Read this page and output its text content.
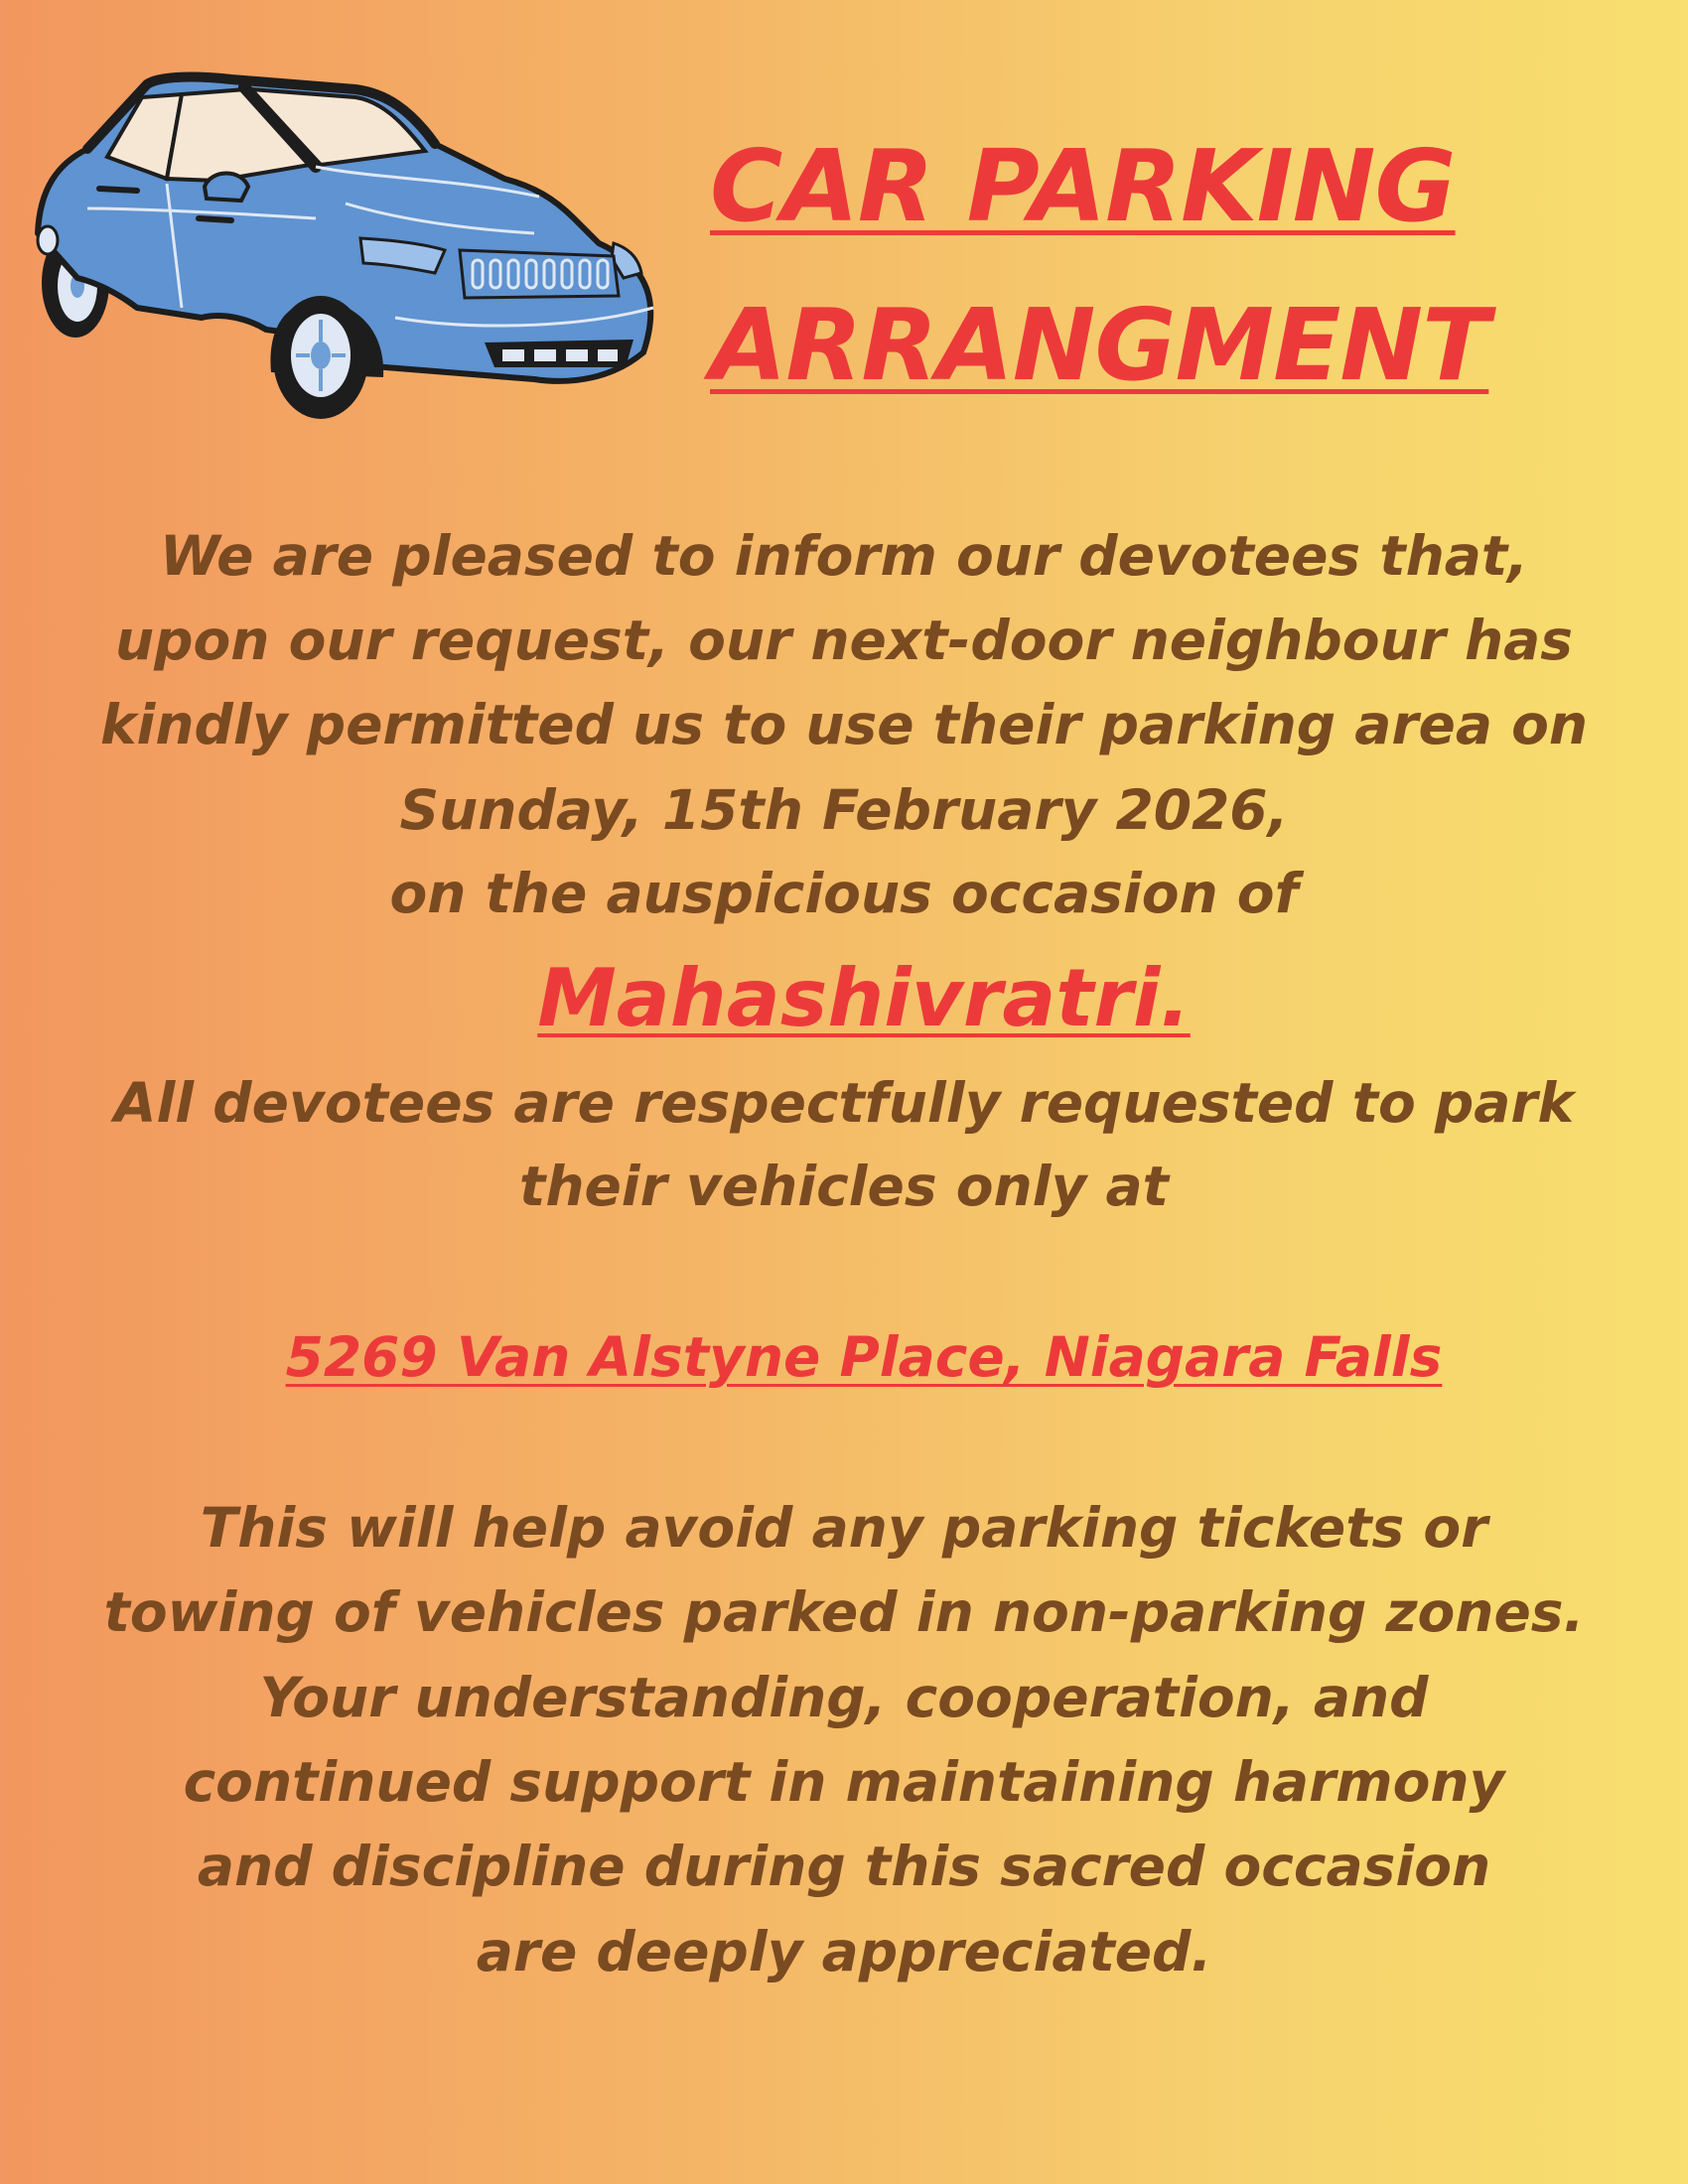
CAR PARKING
ARRANGMENT

We are pleased to inform our devotees that,

upon our request, our next-door neighbour has

kindly permitted us to use their parking area on

Sunday, 15th February 2026,

on the auspicious occasion of

Mahashivratri.

All devotees are respectfully requested to park

their vehicles only at

5269 Van Alstyne Place, Niagara Falls

This will help avoid any parking tickets or

towing of vehicles parked in non-parking zones.

Your understanding, cooperation, and

continued support in maintaining harmony

and discipline during this sacred occasion

are deeply appreciated.
